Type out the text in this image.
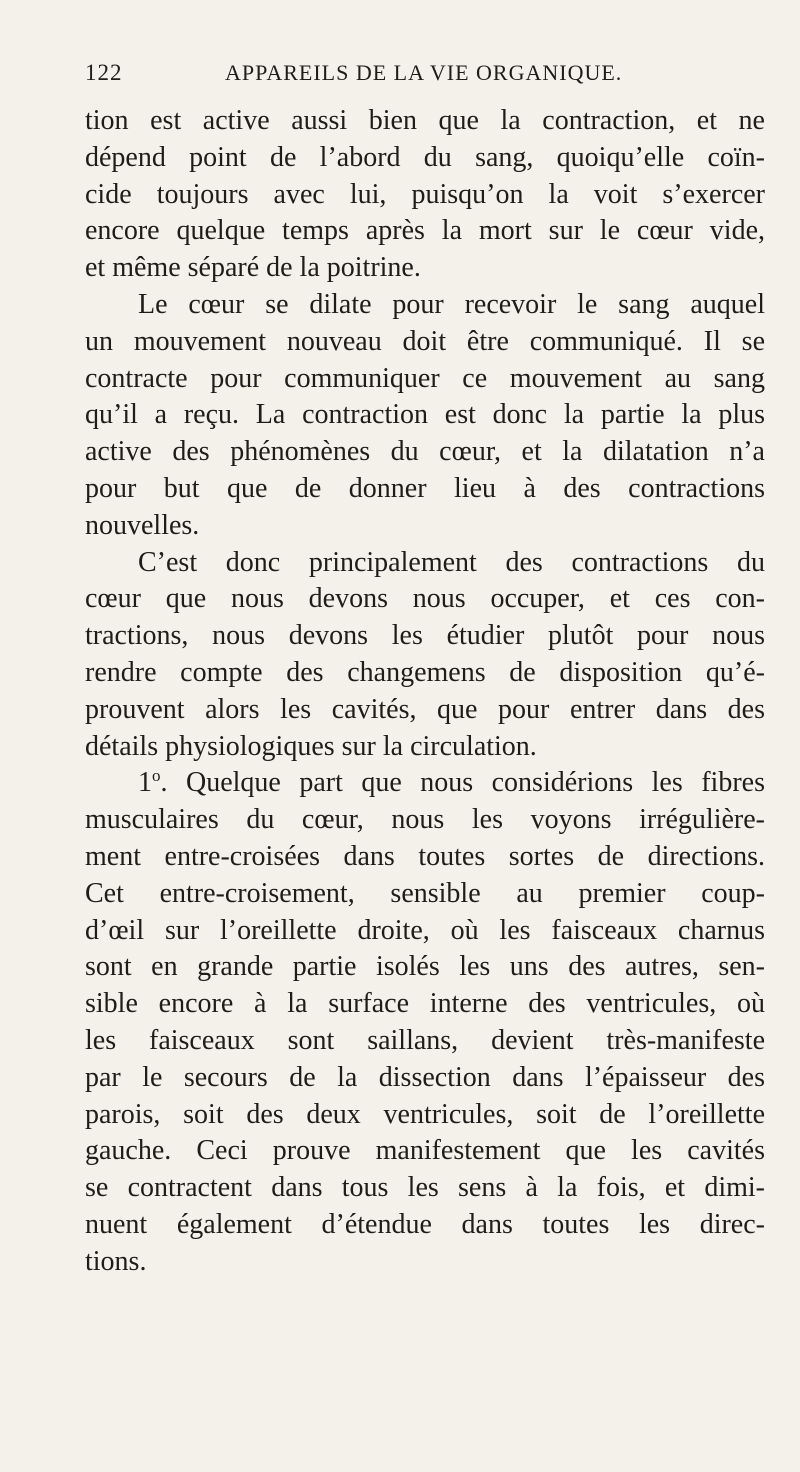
122	APPAREILS DE LA VIE ORGANIQUE.
tion est active aussi bien que la contraction, et ne
dépend point de l’abord du sang, quoiqu’elle coïn-
cide toujours avec lui, puisqu’on la voit s’exercer
encore quelque temps après la mort sur le cœur vide,
et même séparé de la poitrine.
Le cœur se dilate pour recevoir le sang auquel
un mouvement nouveau doit être communiqué. Il se
contracte pour communiquer ce mouvement au sang
qu’il a reçu. La contraction est donc la partie la plus
active des phénomènes du cœur, et la dilatation n’a
pour but que de donner lieu à des contractions
nouvelles.
C’est donc principalement des contractions du
cœur que nous devons nous occuper, et ces con-
tractions, nous devons les étudier plutôt pour nous
rendre compte des changemens de disposition qu’é-
prouvent alors les cavités, que pour entrer dans des
détails physiologiques sur la circulation.
1$^o$. Quelque part que nous considérions les fibres
musculaires du cœur, nous les voyons irrégulière-
ment entre-croisées dans toutes sortes de directions.
Cet entre-croisement, sensible au premier coup-
d’œil sur l’oreillette droite, où les faisceaux charnus
sont en grande partie isolés les uns des autres, sen-
sible encore à la surface interne des ventricules, où
les faisceaux sont saillans, devient très-manifeste
par le secours de la dissection dans l’épaisseur des
parois, soit des deux ventricules, soit de l’oreillette
gauche. Ceci prouve manifestement que les cavités
se contractent dans tous les sens à la fois, et dimi-
nuent également d’étendue dans toutes les direc-
tions.
